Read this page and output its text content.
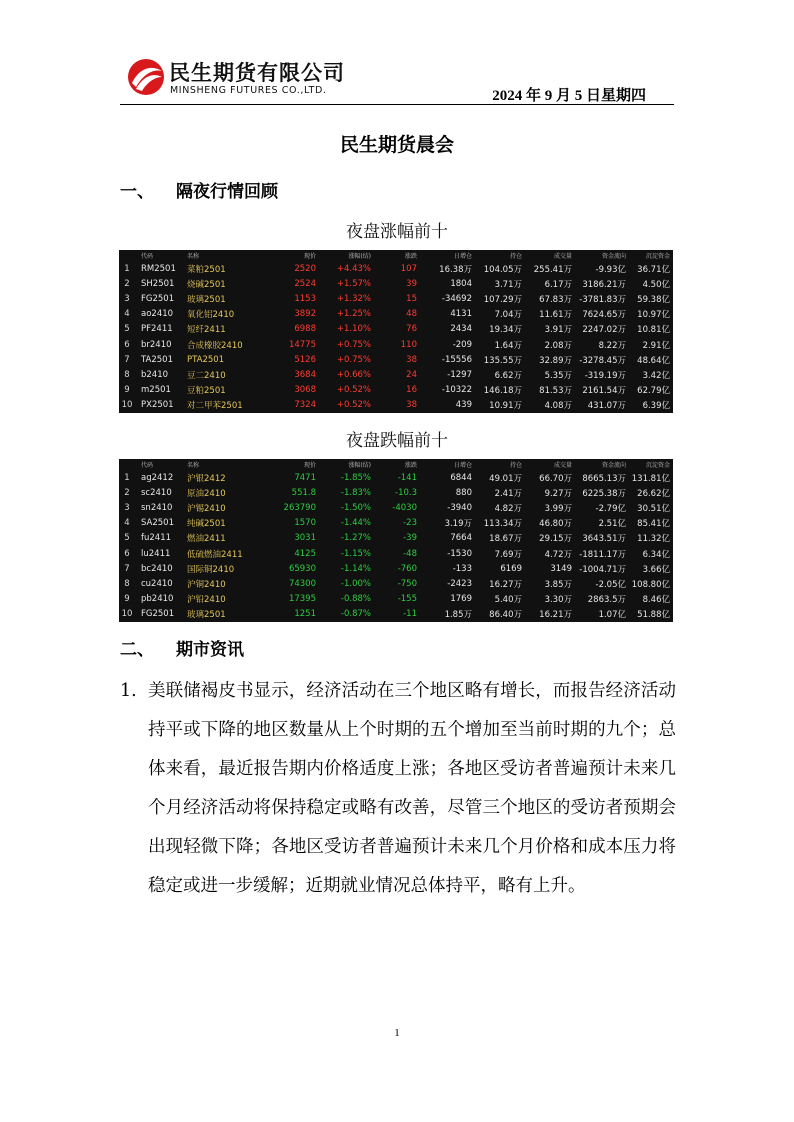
民生期货有限公司
MINSHENG FUTURES CO.,LTD.	2024 年 9 月 5 日星期四
民生期货晨会
一、 隔夜行情回顾
夜盘涨幅前十
代码	名称	现价	涨幅(结)	涨跌	日增仓	持仓	成交量	资金流向	沉淀资金
1	RM2501	菜粕2501	2520	+4.43%	107	16.38万	104.05万	255.41万	-9.93亿	36.71亿
2	SH2501	烧碱2501	2524	+1.57%	39	1804	3.71万	6.17万	3186.21万	4.50亿
3	FG2501	玻璃2501	1153	+1.32%	15	-34692	107.29万	67.83万 -3781.83万	59.38亿
4	ao2410	氧化铝2410	3892	+1.25%	48	4131	7.04万	11.61万	7624.65万	10.97亿
5	PF2411	短纤2411	6988	+1.10%	76	2434	19.34万	3.91万	2247.02万	10.81亿
6	br2410	合成橡胶2410	14775	+0.75%	110	-209	1.64万	2.08万	8.22万	2.91亿
7	TA2501	PTA2501	5126	+0.75%	38	-15556	135.55万	32.89万 -3278.45万	48.64亿
8	b2410	豆二2410	3684	+0.66%	24	-1297	6.62万	5.35万	-319.19万	3.42亿
9	m2501	豆粕2501	3068	+0.52%	16	-10322	146.18万	81.53万	2161.54万	62.79亿
10	PX2501	对二甲苯2501	7324	+0.52%	38	439	10.91万	4.08万	431.07万	6.39亿
夜盘跌幅前十
代码	名称	现价	涨幅(结)	涨跌	日增仓	持仓	成交量	资金流向	沉淀资金
1	ag2412	沪银2412	7471	-1.85%	-141	6844	49.01万	66.70万	8665.13万 131.81亿
2	sc2410	原油2410	551.8	-1.83%	-10.3	880	2.41万	9.27万	6225.38万	26.62亿
3	sn2410	沪锡2410	263790	-1.50%	-4030	-3940	4.82万	3.99万	-2.79亿	30.51亿
4	SA2501	纯碱2501	1570	-1.44%	-23	3.19万	113.34万	46.80万	2.51亿	85.41亿
5	fu2411	燃油2411	3031	-1.27%	-39	7664	18.67万	29.15万	3643.51万	11.32亿
6	lu2411	低硫燃油2411	4125	-1.15%	-48	-1530	7.69万	4.72万 -1811.17万	6.34亿
7	bc2410	国际铜2410	65930	-1.14%	-760	-133	6169	3149 -1004.71万	3.66亿
8	cu2410	沪铜2410	74300	-1.00%	-750	-2423	16.27万	3.85万	-2.05亿 108.80亿
9	pb2410	沪铅2410	17395	-0.88%	-155	1769	5.40万	3.30万	2863.5万	8.46亿
10	FG2501	玻璃2501	1251	-0.87%	-11	1.85万	86.40万	16.21万	1.07亿	51.88亿
二、 期市资讯
1. 美联储褐皮书显示，经济活动在三个地区略有增长，而报告经济活动持平或下降的地区数量从上个时期的五个增加至当前时期的九个；总体来看，最近报告期内价格适度上涨；各地区受访者普遍预计未来几个月经济活动将保持稳定或略有改善，尽管三个地区的受访者预期会出现轻微下降；各地区受访者普遍预计未来几个月价格和成本压力将稳定或进一步缓解；近期就业情况总体持平，略有上升。
1
